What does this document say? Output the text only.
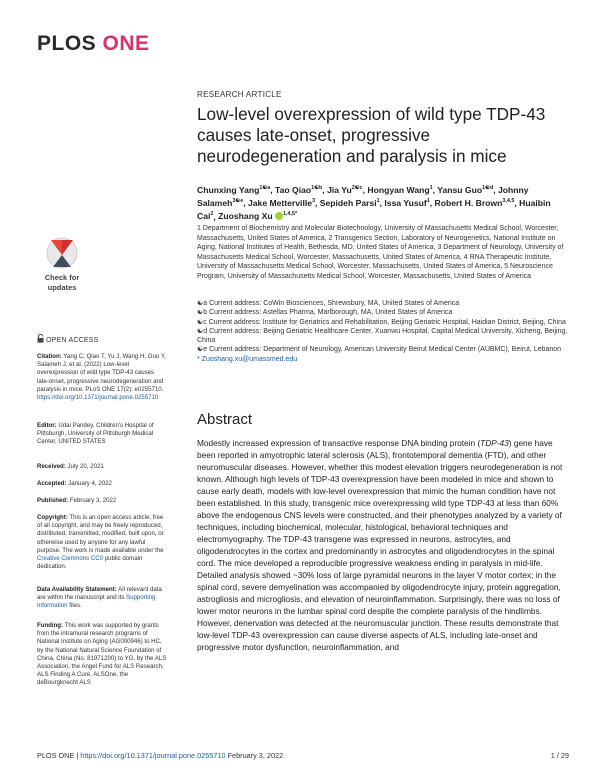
PLOS ONE
RESEARCH ARTICLE
Low-level overexpression of wild type TDP-43 causes late-onset, progressive neurodegeneration and paralysis in mice
Chunxing Yang$^{1☯a}$, Tao Qiao$^{1☯b}$, Jia $Yu^{2☯c}$, Hongyan Wang$^1$, Yansu Guo$^{1☯d}$, Johnny Salameh$^{3☯e}$, Jake Metterville$^3$, Sepideh Parsi$^1$, Issa Yusuf$^1$, Robert H. Brown$^{3,4,5}$, Huaibin Cai$^2$, Zuoshang Xu $^{1,4,5*}$
1 Department of Biochemistry and Molecular Biotechnology, University of Massachusetts Medical School, Worcester, Massachusetts, United States of America, 2 Transgenics Section, Laboratory of Neurogenetics, National Institute on Aging, National Institutes of Health, Bethesda, MD, United States of America, 3 Department of Neurology, University of Massachusetts Medical School, Worcester, Massachusetts, United States of America, 4 RNA Therapeutic Institute, University of Massachusetts Medical School, Worcester, Massachusetts, United States of America, 5 Neuroscience Program, University of Massachusetts Medical School, Worcester, Massachusetts, United States of America

☯a Current address: CoWin Biosciences, Shrewsbury, MA, United States of America

☯b Current address: Astellas Pharma, Marlborough, MA, United States of America

☯c Current address: Institute for Geriatrics and Rehabilitation, Beijing Geriatric Hospital, Haidian District, Beijing, China

☯d Current address: Beijing Geriatric Healthcare Center, Xuanwu Hospital, Capital Medical University, Xicheng, Beijing, China

☯e Current address: Department of Neurology, American University Beirut Medical Center (AUBMC), Beirut, Lebanon

* Zuoshang.xu@umassmed.edu

Abstract

Modestly increased expression of transactive response DNA binding protein (TDP-43) gene have been reported in amyotrophic lateral sclerosis (ALS), frontotemporal dementia (FTD), and other neuromuscular diseases. However, whether this modest elevation triggers neurodegeneration is not known. Although high levels of TDP-43 overexpression have been modeled in mice and shown to cause early death, models with low-level overexpression that mimic the human condition have not been established. In this study, transgenic mice overexpressing wild type TDP-43 at less than 60% above the endogenous CNS levels were constructed, and their phenotypes analyzed by a variety of techniques, including biochemical, molecular, histological, behavioral techniques and electromyography. The TDP-43 transgene was expressed in neurons, astrocytes, and oligodendrocytes in the cortex and predominantly in astrocytes and oligodendrocytes in the spinal cord. The mice developed a reproducible progressive weakness ending in paralysis in mid-life. Detailed analysis showed ~30% loss of large pyramidal neurons in the layer V motor cortex; in the spinal cord, severe demyelination was accompanied by oligodendrocyte injury, protein aggregation, astrogliosis and microgliosis, and elevation of neuroinflammation. Surprisingly, there was no loss of lower motor neurons in the lumbar spinal cord despite the complete paralysis of the hindlimbs. However, denervation was detected at the neuromuscular junction. These results demonstrate that low-level TDP-43 overexpression can cause diverse aspects of ALS, including late-onset and progressive motor dysfunction, neuroinflammation, and

Check for
updates
OPEN ACCESS
Citation: Yang C, Qiao T, Yu J, Wang H, Guo Y, Salameh J, et al. (2022) Low-level overexpression of wild type TDP-43 causes late-onset, progressive neurodegeneration and paralysis in mice. PLoS ONE 17(2): e0255710. https://doi.org/10.1371/journal.pone.0255710
Editor: Udai Pandey, Children's Hospital of Pittsburgh, University of Pittsburgh Medical Center, UNITED STATES
Received: July 20, 2021
Accepted: January 4, 2022
Published: February 3, 2022
Copyright: This is an open access article, free of all copyright, and may be freely reproduced, distributed, transmitted, modified, built upon, or otherwise used by anyone for any lawful purpose. The work is made available under the Creative Commons CC0 public domain dedication.
Data Availability Statement: All relevant data are within the manuscript and its Supporting Information files.
Funding: This work was supported by grants from the intramural research programs of National Institute on Aging (AG000946) to HC, by the National Natural Science Foundation of China, China (No. 81971200) to YG, by the ALS Association, the Angel Fund for ALS Research, ALS Finding A Cure, ALSOne, the deBourgknecht ALS
PLOS ONE | https://doi.org/10.1371/journal.pone.0255710 February 3, 2022	1 / 29
